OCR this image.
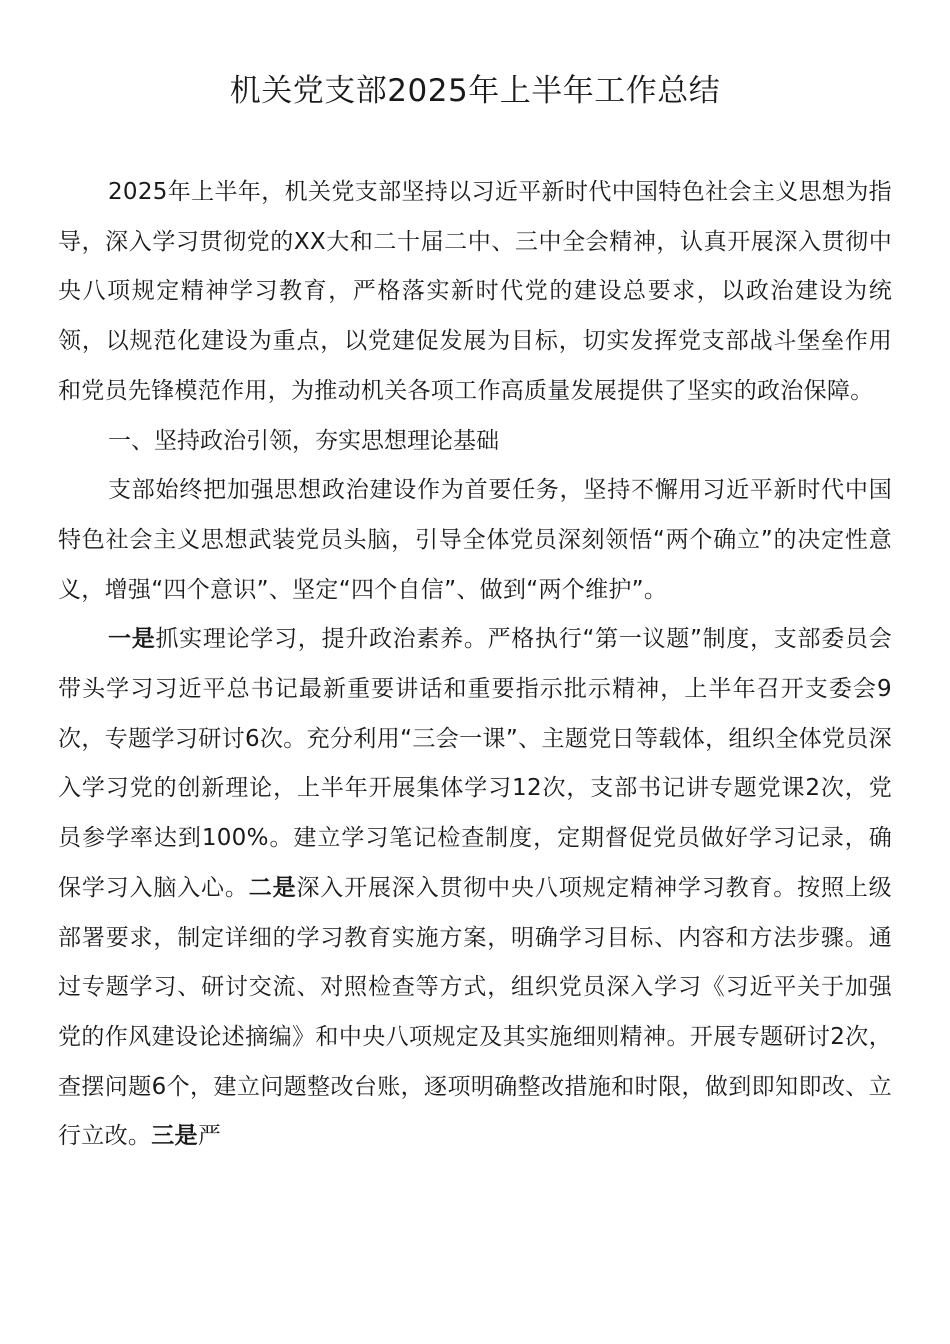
机关党支部2025年上半年工作总结

2025年上半年，机关党支部坚持以习近平新时代中国特色社会主义思想为指导，深入学习贯彻党的XX大和二十届二中、三中全会精神，认真开展深入贯彻中央八项规定精神学习教育，严格落实新时代党的建设总要求，以政治建设为统领，以规范化建设为重点，以党建促发展为目标，切实发挥党支部战斗堡垒作用和党员先锋模范作用，为推动机关各项工作高质量发展提供了坚实的政治保障。

一、坚持政治引领，夯实思想理论基础

支部始终把加强思想政治建设作为首要任务，坚持不懈用习近平新时代中国特色社会主义思想武装党员头脑，引导全体党员深刻领悟“两个确立”的决定性意义，增强“四个意识”、坚定“四个自信”、做到“两个维护”。

一是抓实理论学习，提升政治素养。严格执行“第一议题”制度，支部委员会带头学习习近平总书记最新重要讲话和重要指示批示精神，上半年召开支委会9次，专题学习研讨6次。充分利用“三会一课”、主题党日等载体，组织全体党员深入学习党的创新理论，上半年开展集体学习12次，支部书记讲专题党课2次，党员参学率达到100%。建立学习笔记检查制度，定期督促党员做好学习记录，确保学习入脑入心。二是深入开展深入贯彻中央八项规定精神学习教育。按照上级部署要求，制定详细的学习教育实施方案，明确学习目标、内容和方法步骤。通过专题学习、研讨交流、对照检查等方式，组织党员深入学习《习近平关于加强党的作风建设论述摘编》和中央八项规定及其实施细则精神。开展专题研讨2次，查摆问题6个，建立问题整改台账，逐项明确整改措施和时限，做到即知即改、立行立改。三是严
